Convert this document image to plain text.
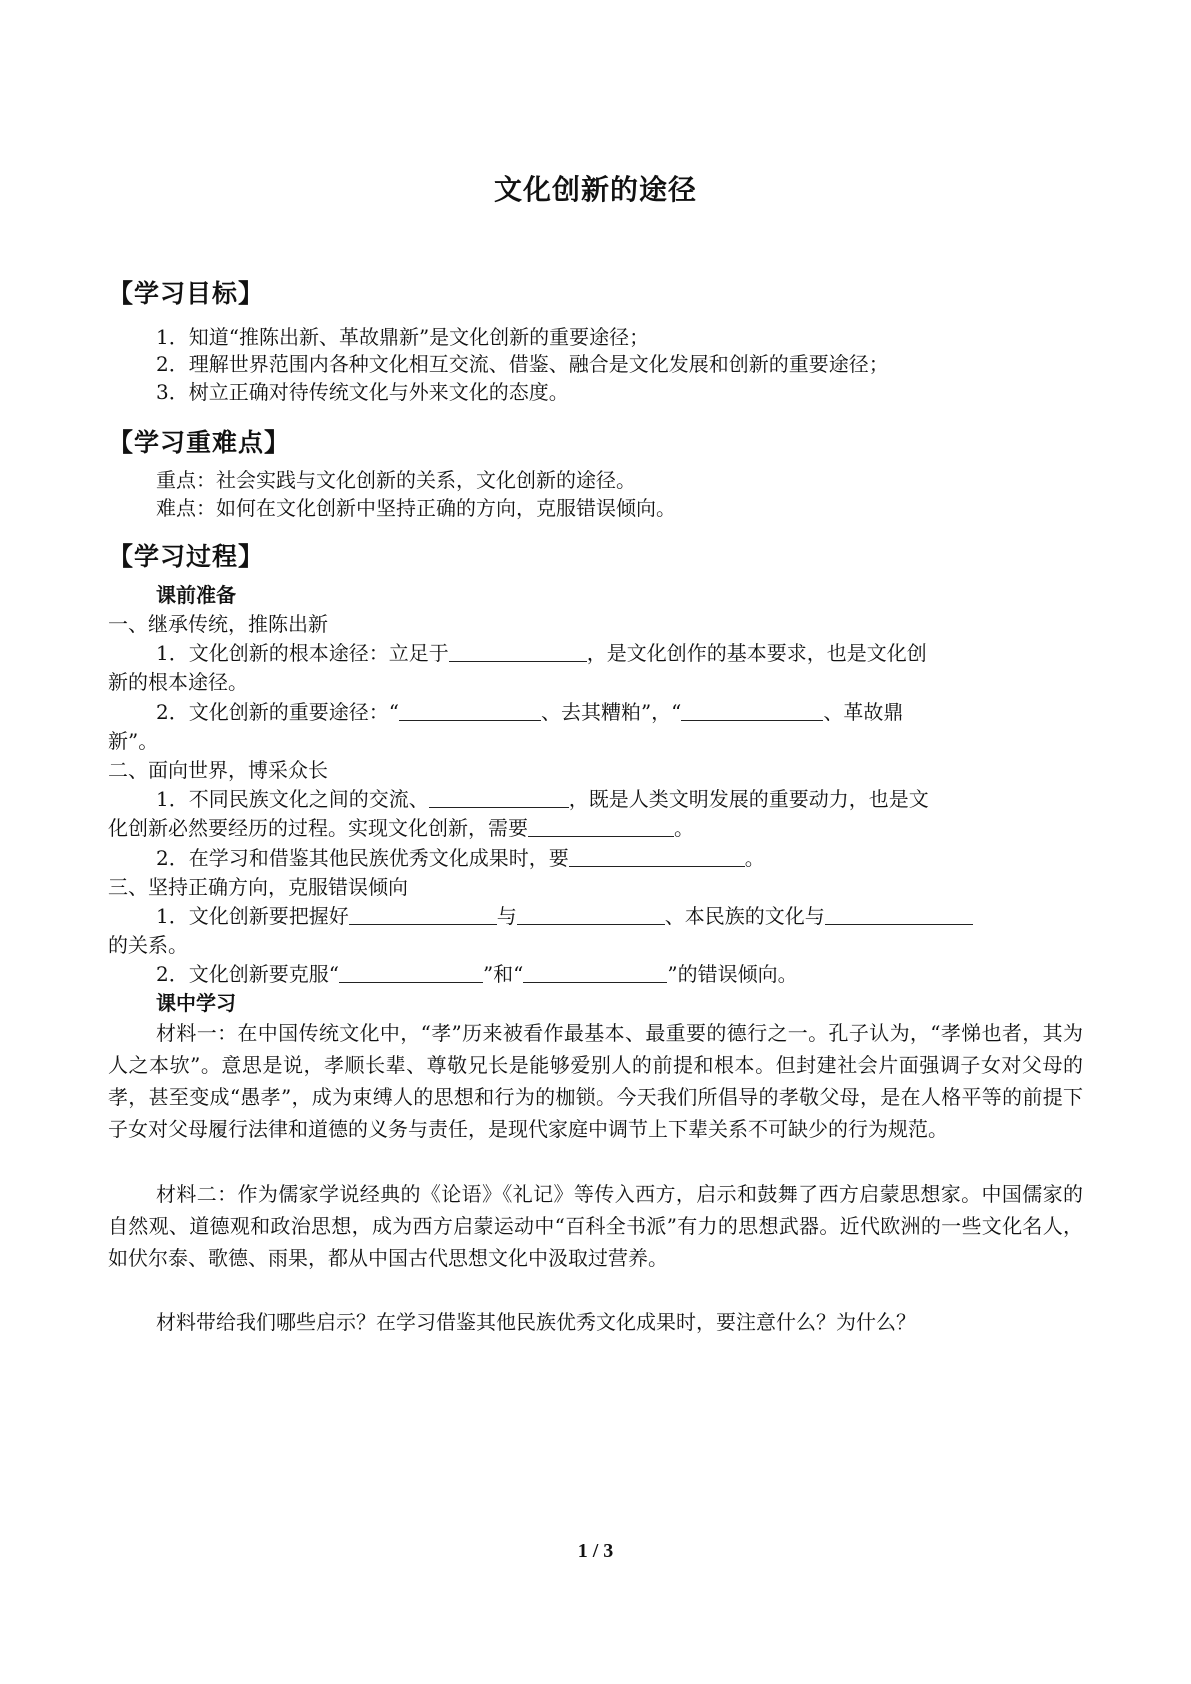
文化创新的途径
【学习目标】
1．知道“推陈出新、革故鼎新”是文化创新的重要途径；
2．理解世界范围内各种文化相互交流、借鉴、融合是文化发展和创新的重要途径；
3．树立正确对待传统文化与外来文化的态度。
【学习重难点】
重点：社会实践与文化创新的关系，文化创新的途径。
难点：如何在文化创新中坚持正确的方向，克服错误倾向。
【学习过程】
课前准备
一、继承传统，推陈出新
1．文化创新的根本途径：立足于	，是文化创作的基本要求，也是文化创
新的根本途径。
2．文化创新的重要途径：“	、去其糟粕”，“	、革故鼎
新”。
二、面向世界，博采众长
1．不同民族文化之间的交流、	，既是人类文明发展的重要动力，也是文
化创新必然要经历的过程。实现文化创新，需要	。
2．在学习和借鉴其他民族优秀文化成果时，要	。
三、坚持正确方向，克服错误倾向
1．文化创新要把握好	与	、本民族的文化与
的关系。
2．文化创新要克服“	”和“	”的错误倾向。
课中学习
材料一：在中国传统文化中，“孝”历来被看作最基本、最重要的德行之一。孔子认为，“孝悌也者，其为人之本欤”。意思是说，孝顺长辈、尊敬兄长是能够爱别人的前提和根本。但封建社会片面强调子女对父母的孝，甚至变成“愚孝”，成为束缚人的思想和行为的枷锁。今天我们所倡导的孝敬父母，是在人格平等的前提下子女对父母履行法律和道德的义务与责任，是现代家庭中调节上下辈关系不可缺少的行为规范。
材料二：作为儒家学说经典的《论语》《礼记》等传入西方，启示和鼓舞了西方启蒙思想家。中国儒家的自然观、道德观和政治思想，成为西方启蒙运动中“百科全书派”有力的思想武器。近代欧洲的一些文化名人，如伏尔泰、歌德、雨果，都从中国古代思想文化中汲取过营养。
材料带给我们哪些启示？在学习借鉴其他民族优秀文化成果时，要注意什么？为什么？
1 / 3
